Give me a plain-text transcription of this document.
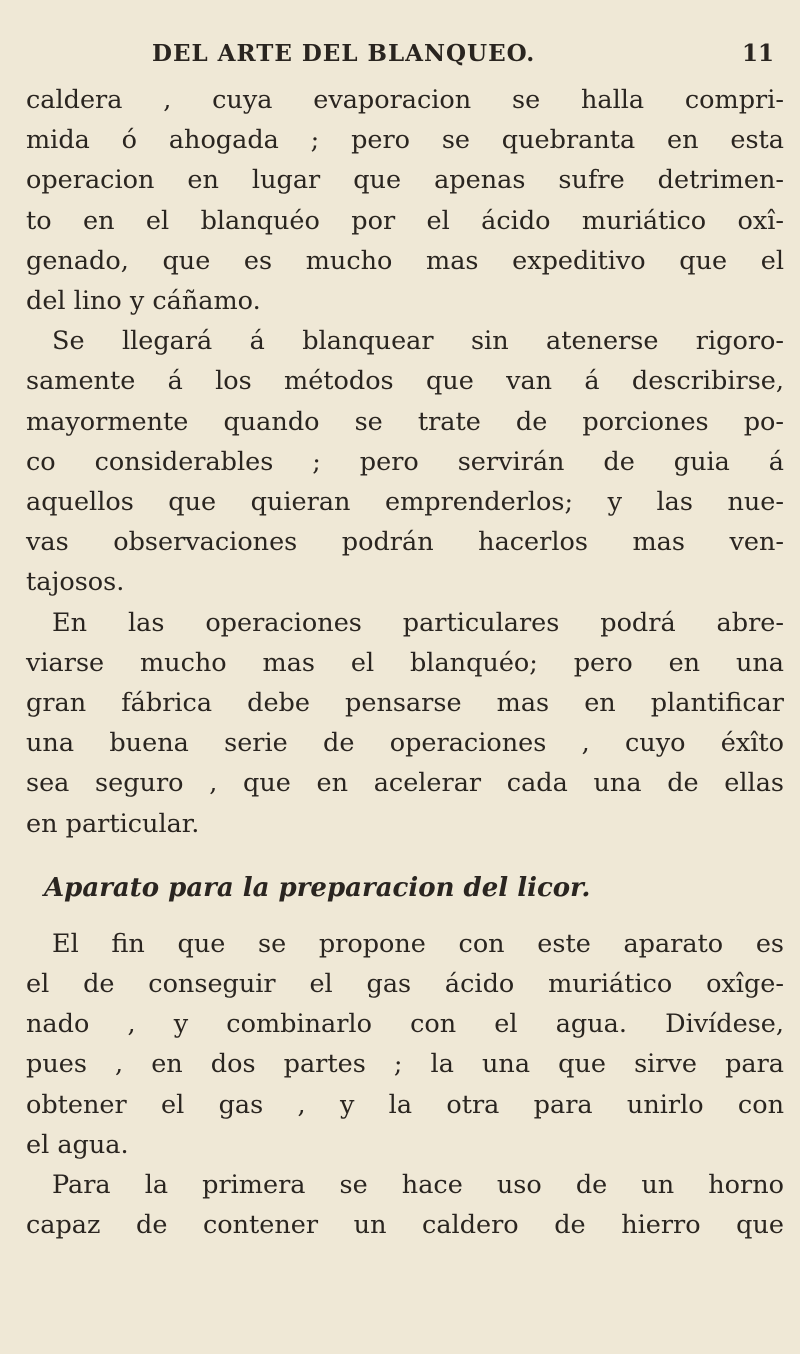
DEL ARTE DEL BLANQUEO.	11

caldera , cuya evaporacion se halla compri-

mida ó ahogada ; pero se quebranta en esta

operacion en lugar que apenas sufre detrimen-

to en el blanquéo por el ácido muriático oxî-

genado, que es mucho mas expeditivo que el

del lino y cáñamo.

Se llegará á blanquear sin atenerse rigoro-

samente á los métodos que van á describirse,

mayormente quando se trate de porciones po-

co considerables ; pero servirán de guia á

aquellos que quieran emprenderlos; y las nue-

vas observaciones podrán hacerlos mas ven-

tajosos.

En las operaciones particulares podrá abre-

viarse mucho mas el blanquéo; pero en una

gran fábrica debe pensarse mas en plantificar

una buena serie de operaciones , cuyo éxîto

sea seguro , que en acelerar cada una de ellas

en particular.

Aparato para la preparacion del licor.

El fin que se propone con este aparato es

el de conseguir el gas ácido muriático oxîge-

nado , y combinarlo con el agua. Divídese,

pues , en dos partes ; la una que sirve para

obtener el gas , y la otra para unirlo con

el agua.

Para la primera se hace uso de un horno

capaz de contener un caldero de hierro que
